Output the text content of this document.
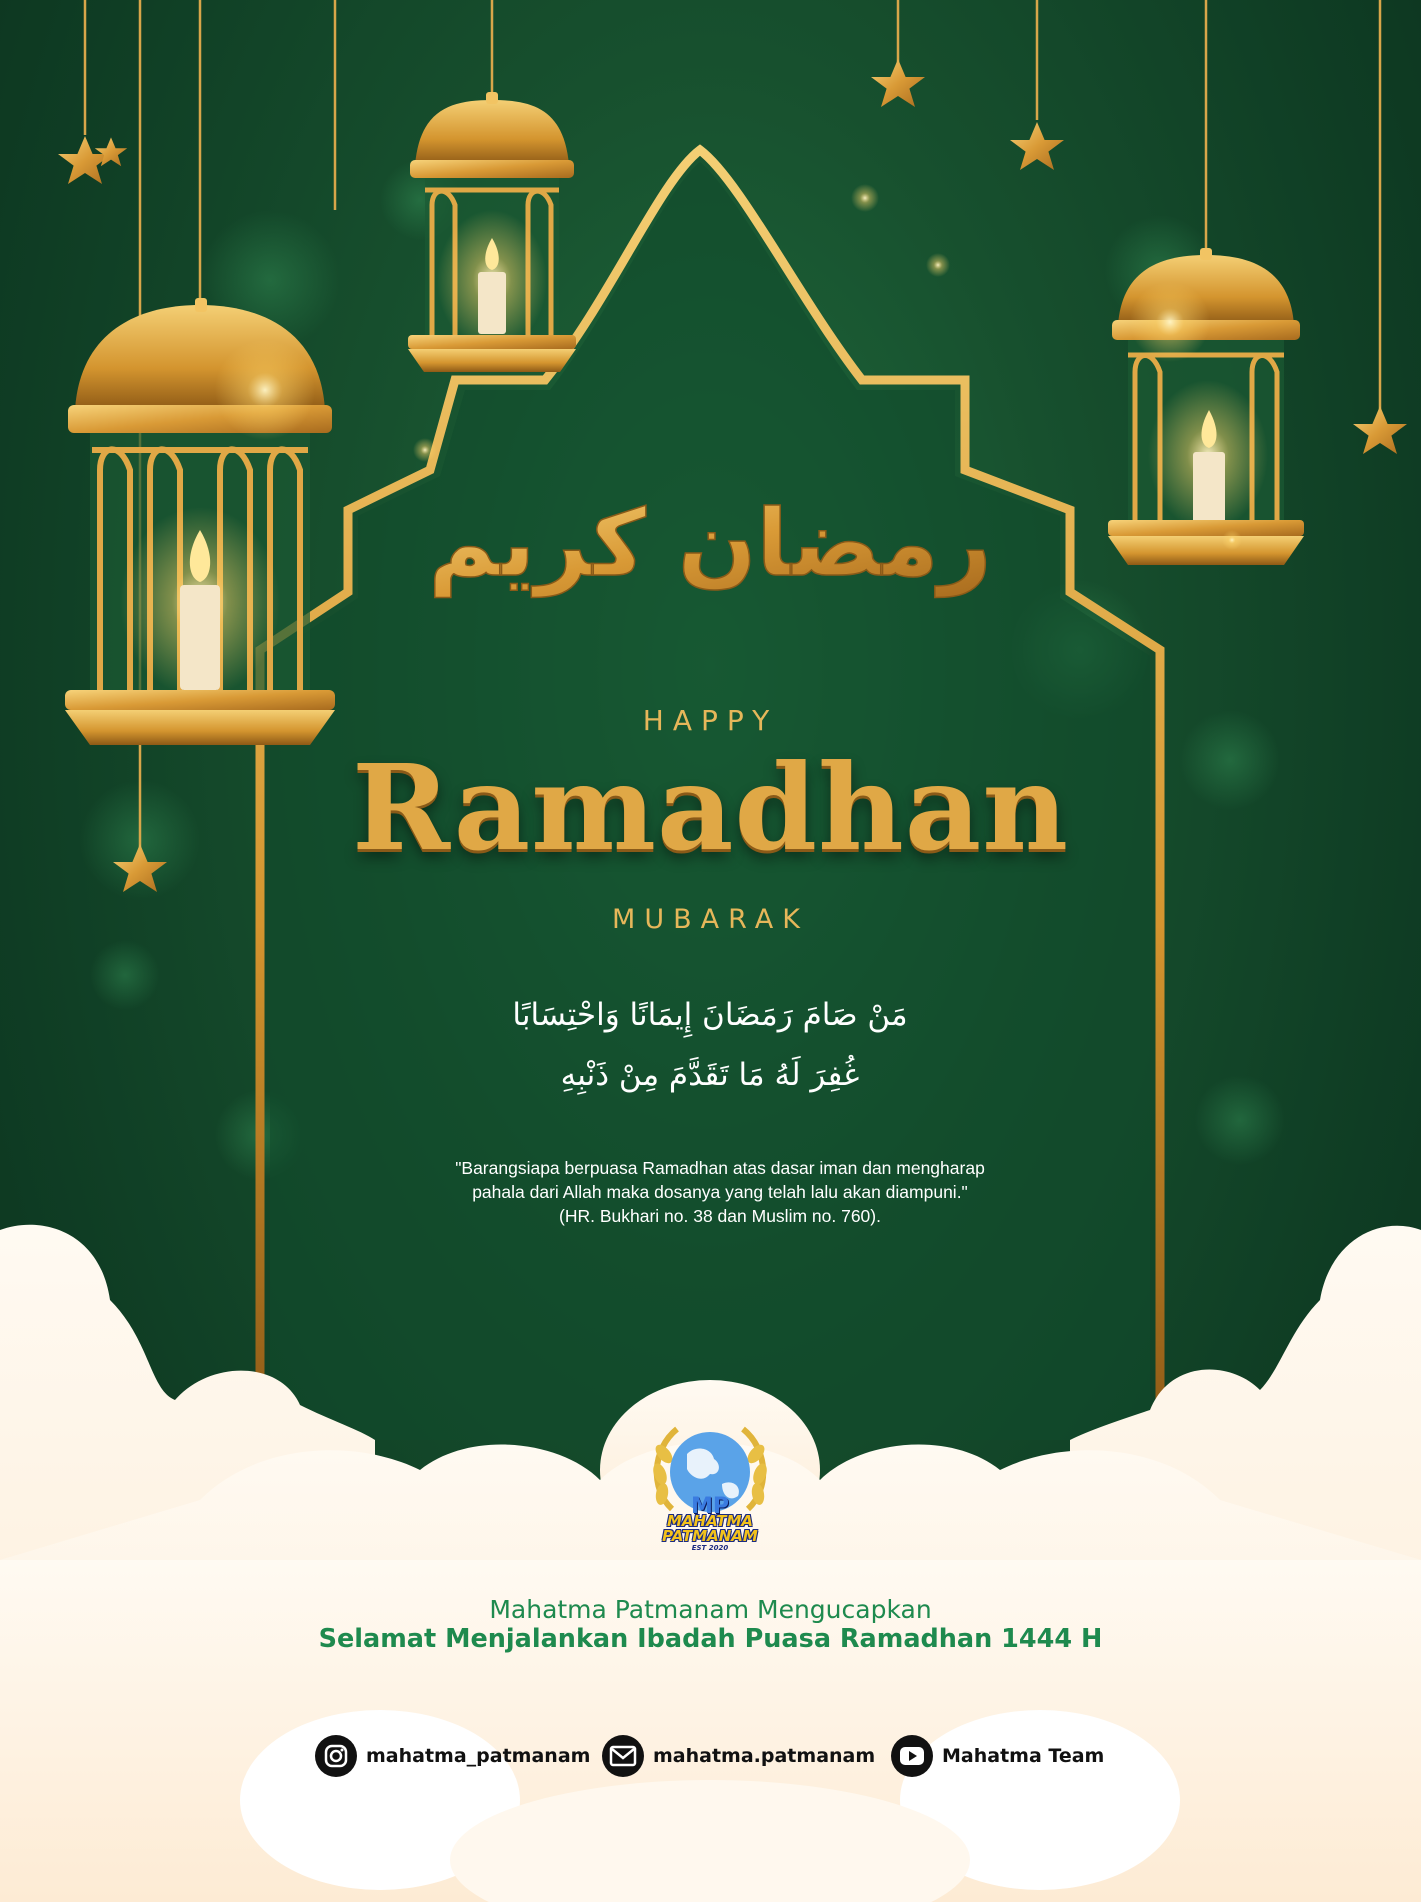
رمضان كريم
HAPPY
Ramadhan
MUBARAK
مَنْ صَامَ رَمَضَانَ إِيمَانًا وَاحْتِسَابًا
غُفِرَ لَهُ مَا تَقَدَّمَ مِنْ ذَنْبِهِ
"Barangsiapa berpuasa Ramadhan atas dasar iman dan mengharap
pahala dari Allah maka dosanya yang telah lalu akan diampuni."
(HR. Bukhari no. 38 dan Muslim no. 760).
MP
MAHATMA
PATMANAM
EST 2020
Mahatma Patmanam Mengucapkan
Selamat Menjalankan Ibadah Puasa Ramadhan 1444 H
mahatma_patmanam	mahatma.patmanam	Mahatma Team
